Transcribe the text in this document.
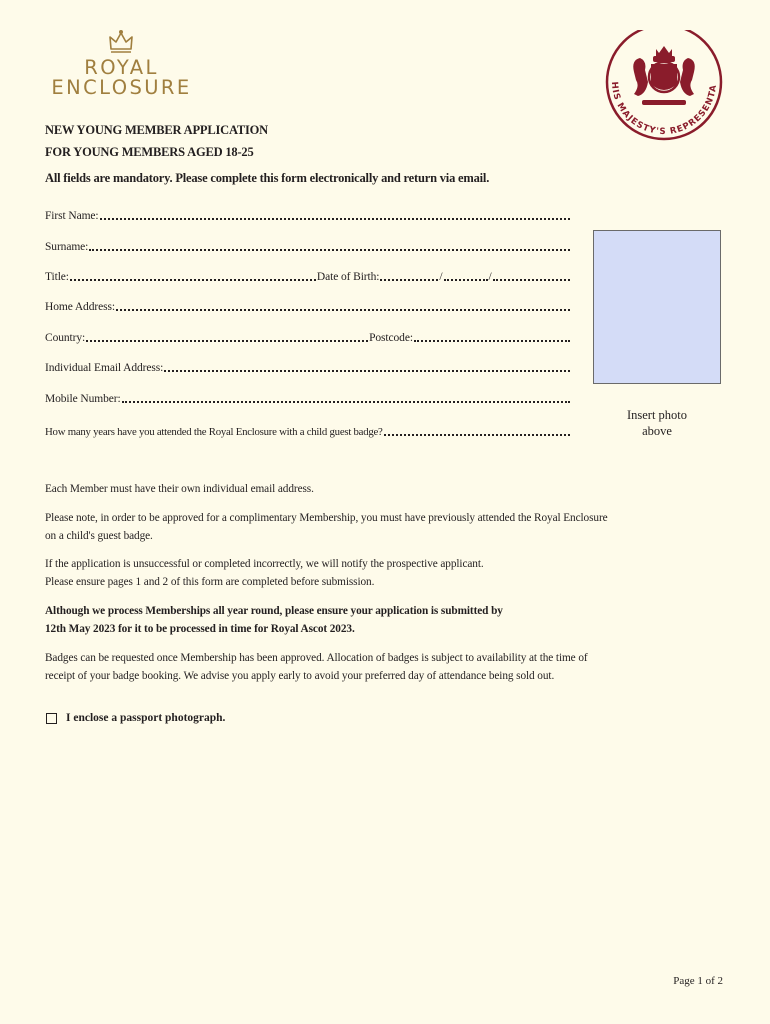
ROYAL
ENCLOSURE	HIS MAJESTY'S REPRESENTA
NEW YOUNG MEMBER APPLICATION
FOR YOUNG MEMBERS AGED 18-25
All fields are mandatory. Please complete this form electronically and return via email.
First Name:
Surname:
Title:	Date of Birth:	/	/
Home Address:
Country:	Postcode:
Individual Email Address:
Mobile Number:
How many years have you attended the Royal Enclosure with a child guest badge?
Insert photo
above
Each Member must have their own individual email address.
Please note, in order to be approved for a complimentary Membership, you must have previously attended the Royal Enclosure
on a child's guest badge.
If the application is unsuccessful or completed incorrectly, we will notify the prospective applicant.
Please ensure pages 1 and 2 of this form are completed before submission.
Although we process Memberships all year round, please ensure your application is submitted by
12th May 2023 for it to be processed in time for Royal Ascot 2023.
Badges can be requested once Membership has been approved. Allocation of badges is subject to availability at the time of
receipt of your badge booking. We advise you apply early to avoid your preferred day of attendance being sold out.
I enclose a passport photograph.
Page 1 of 2
